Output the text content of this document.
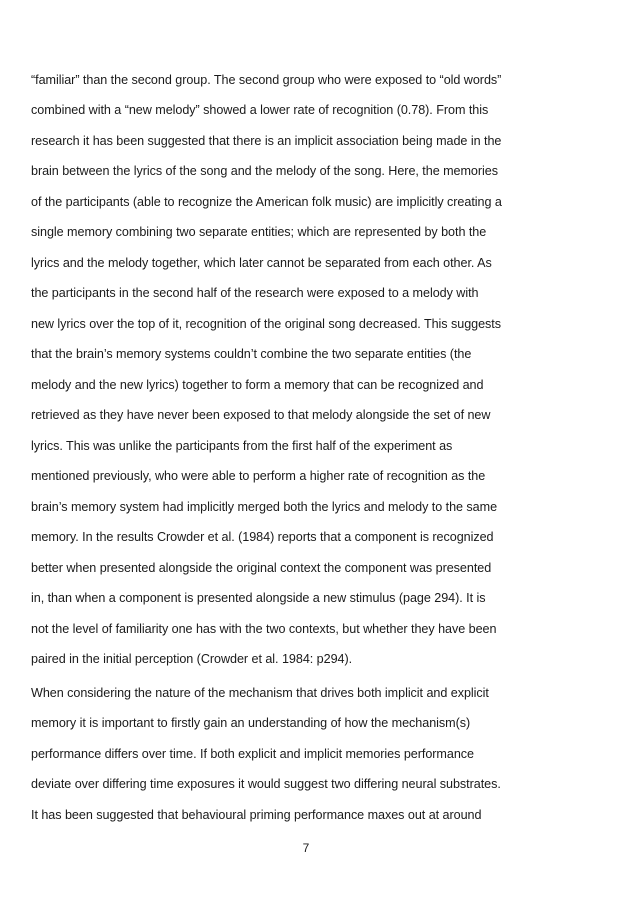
“familiar” than the second group. The second group who were exposed to “old words”
combined with a “new melody” showed a lower rate of recognition (0.78). From this
research it has been suggested that there is an implicit association being made in the
brain between the lyrics of the song and the melody of the song. Here, the memories
of the participants (able to recognize the American folk music) are implicitly creating a
single memory combining two separate entities; which are represented by both the
lyrics and the melody together, which later cannot be separated from each other. As
the participants in the second half of the research were exposed to a melody with
new lyrics over the top of it, recognition of the original song decreased. This suggests
that the brain’s memory systems couldn’t combine the two separate entities (the
melody and the new lyrics) together to form a memory that can be recognized and
retrieved as they have never been exposed to that melody alongside the set of new
lyrics. This was unlike the participants from the first half of the experiment as
mentioned previously, who were able to perform a higher rate of recognition as the
brain’s memory system had implicitly merged both the lyrics and melody to the same
memory. In the results Crowder et al. (1984) reports that a component is recognized
better when presented alongside the original context the component was presented
in, than when a component is presented alongside a new stimulus (page 294). It is
not the level of familiarity one has with the two contexts, but whether they have been
paired in the initial perception (Crowder et al. 1984: p294).
When considering the nature of the mechanism that drives both implicit and explicit
memory it is important to firstly gain an understanding of how the mechanism(s)
performance differs over time. If both explicit and implicit memories performance
deviate over differing time exposures it would suggest two differing neural substrates.
It has been suggested that behavioural priming performance maxes out at around
7
